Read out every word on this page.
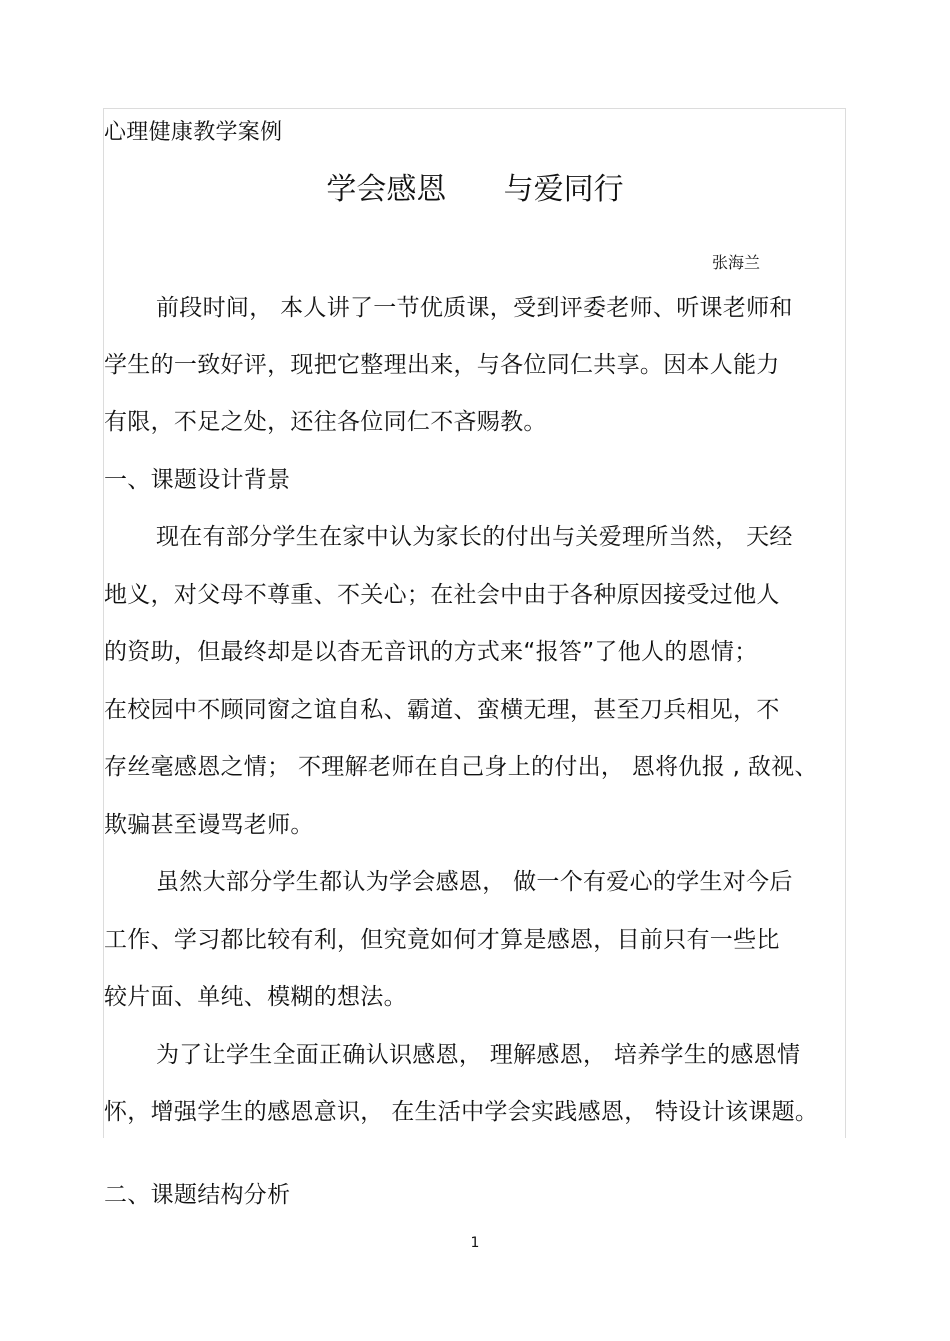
心理健康教学案例
学会感恩      与爱同行
张海兰
前段时间， 本人讲了一节优质课，受到评委老师、听课老师和
学生的一致好评，现把它整理出来，与各位同仁共享。因本人能力
有限，不足之处，还往各位同仁不吝赐教。
一、课题设计背景
现在有部分学生在家中认为家长的付出与关爱理所当然， 天经
地义，对父母不尊重、不关心；在社会中由于各种原因接受过他人
的资助，但最终却是以杳无音讯的方式来“报答”了他人的恩情；
在校园中不顾同窗之谊自私、霸道、蛮横无理，甚至刀兵相见，不
存丝毫感恩之情； 不理解老师在自己身上的付出， 恩将仇报 , 敌视、
欺骗甚至谩骂老师。
虽然大部分学生都认为学会感恩， 做一个有爱心的学生对今后
工作、学习都比较有利，但究竟如何才算是感恩，目前只有一些比
较片面、单纯、模糊的想法。
为了让学生全面正确认识感恩， 理解感恩， 培养学生的感恩情
怀，增强学生的感恩意识， 在生活中学会实践感恩， 特设计该课题。
二、课题结构分析
1
